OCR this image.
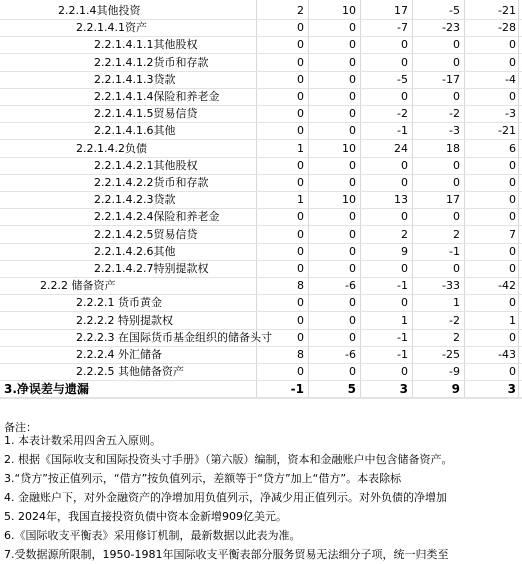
2.2.1.4其他投资	2	10	17	-5	-21
2.2.1.4.1资产	0	0	-7	-23	-28
2.2.1.4.1.1其他股权	0	0	0	0	0
2.2.1.4.1.2货币和存款	0	0	0	0	0
2.2.1.4.1.3贷款	0	0	-5	-17	-4
2.2.1.4.1.4保险和养老金	0	0	0	0	0
2.2.1.4.1.5贸易信贷	0	0	-2	-2	-3
2.2.1.4.1.6其他	0	0	-1	-3	-21
2.2.1.4.2负债	1	10	24	18	6
2.2.1.4.2.1其他股权	0	0	0	0	0
2.2.1.4.2.2货币和存款	0	0	0	0	0
2.2.1.4.2.3贷款	1	10	13	17	0
2.2.1.4.2.4保险和养老金	0	0	0	0	0
2.2.1.4.2.5贸易信贷	0	0	2	2	7
2.2.1.4.2.6其他	0	0	9	-1	0
2.2.1.4.2.7特别提款权	0	0	0	0	0
2.2.2 储备资产	8	-6	-1	-33	-42
2.2.2.1 货币黄金	0	0	0	1	0
2.2.2.2 特别提款权	0	0	1	-2	1
2.2.2.3 在国际货币基金组织的储备头寸	0	0	-1	2	0
2.2.2.4 外汇储备	8	-6	-1	-25	-43
2.2.2.5 其他储备资产	0	0	0	-9	0
3.净误差与遗漏	-1	5	3	9	3
备注：
1. 本表计数采用四舍五入原则。
2. 根据《国际收支和国际投资头寸手册》（第六版）编制，资本和金融账户中包含储备资产。
3.“贷方”按正值列示，“借方”按负值列示，差额等于“贷方”加上“借方”。本表除标
4. 金融账户下，对外金融资产的净增加用负值列示，净减少用正值列示。对外负债的净增加
5. 2024年，我国直接投资负债中资本金新增909亿美元。
6.《国际收支平衡表》采用修订机制，最新数据以此表为准。
7.受数据源所限制，1950-1981年国际收支平衡表部分服务贸易无法细分子项，统一归类至
